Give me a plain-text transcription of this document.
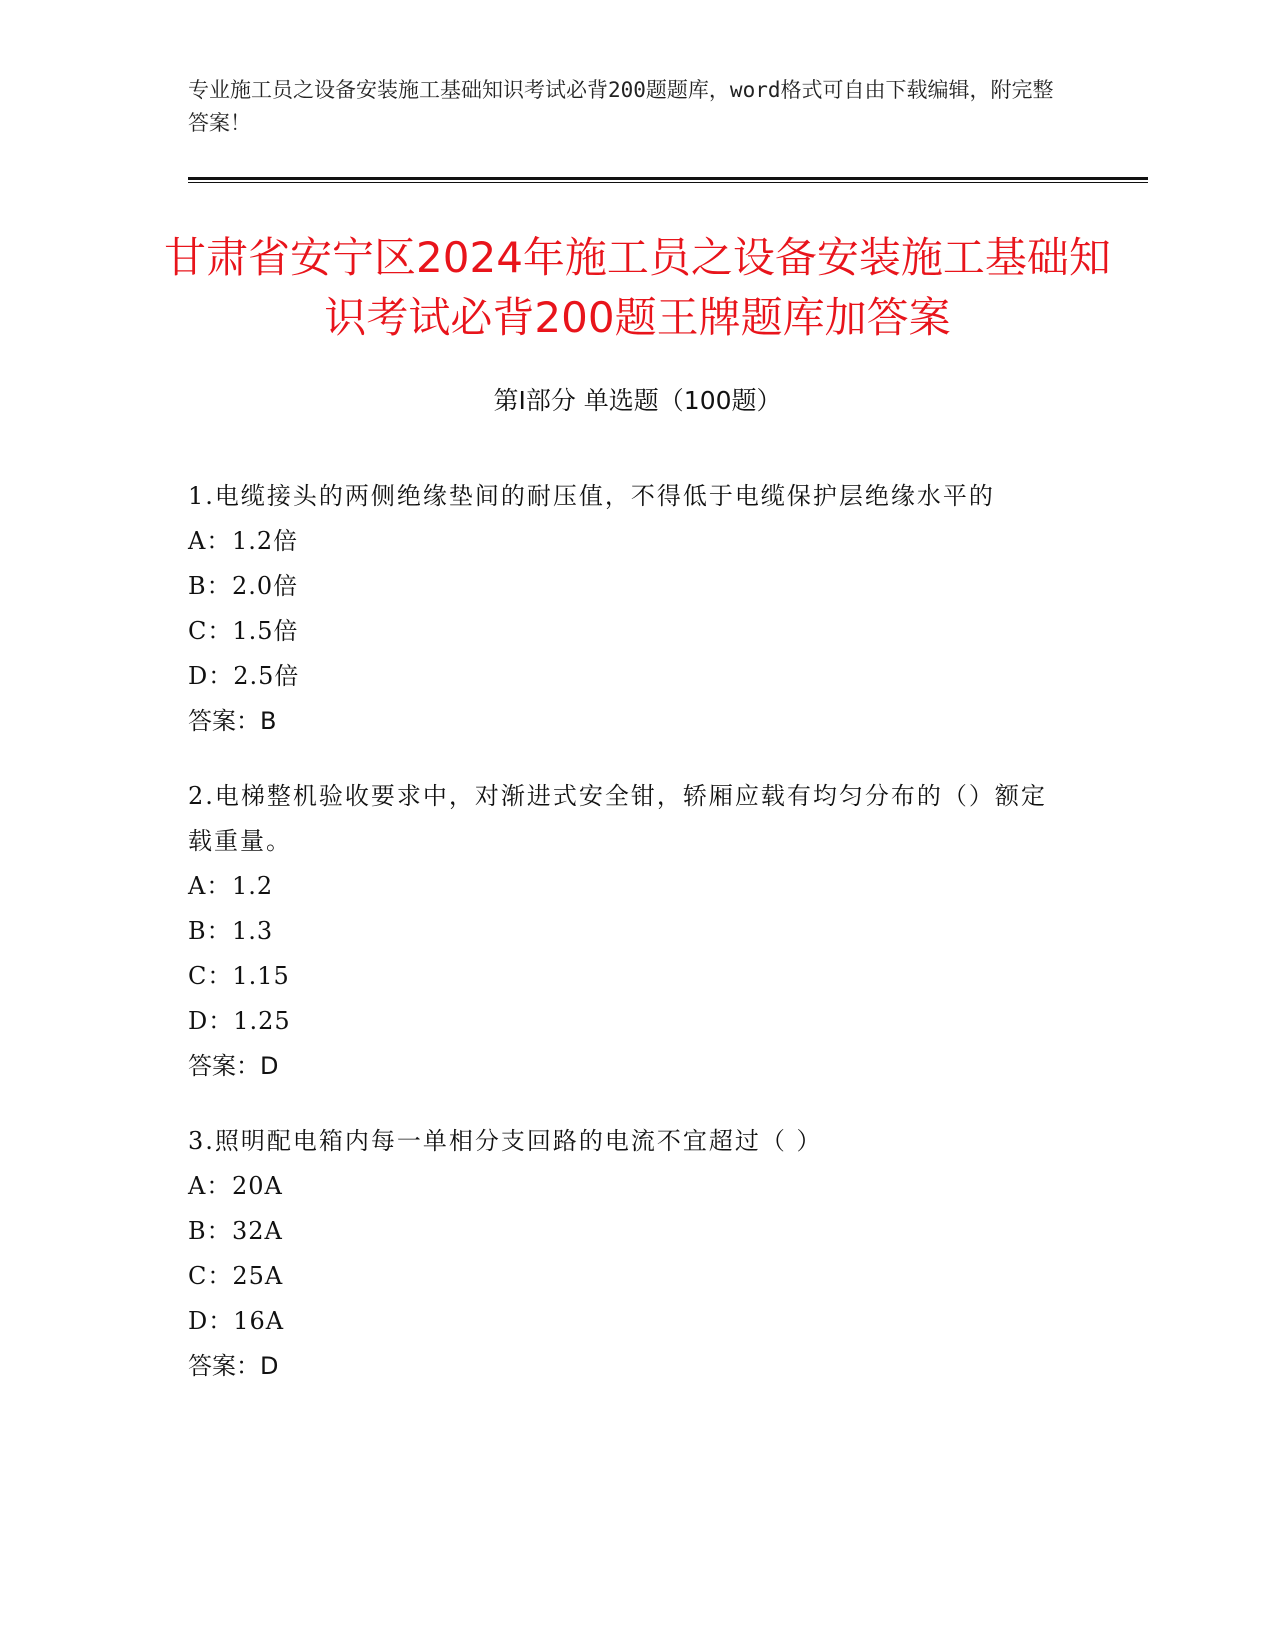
专业施工员之设备安装施工基础知识考试必背200题题库，word格式可自由下载编辑，附完整答案！
甘肃省安宁区2024年施工员之设备安装施工基础知识考试必背200题王牌题库加答案
第Ⅰ部分 单选题（100题）
1.电缆接头的两侧绝缘垫间的耐压值，不得低于电缆保护层绝缘水平的
A：1.2倍
B：2.0倍
C：1.5倍
D：2.5倍
答案：B
2.电梯整机验收要求中，对渐进式安全钳，轿厢应载有均匀分布的（）额定载重量。
A：1.2
B：1.3
C：1.15
D：1.25
答案：D
3.照明配电箱内每一单相分支回路的电流不宜超过（ ）
A：20A
B：32A
C：25A
D：16A
答案：D
